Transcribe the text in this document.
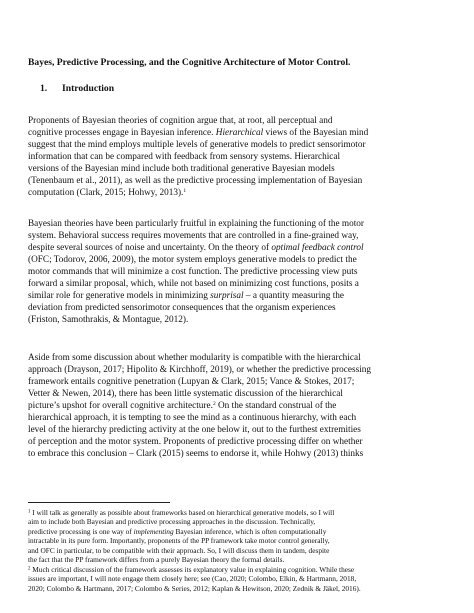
Bayes, Predictive Processing, and the Cognitive Architecture of Motor Control.
1. Introduction
Proponents of Bayesian theories of cognition argue that, at root, all perceptual and
cognitive processes engage in Bayesian inference. Hierarchical views of the Bayesian mind
suggest that the mind employs multiple levels of generative models to predict sensorimotor
information that can be compared with feedback from sensory systems. Hierarchical
versions of the Bayesian mind include both traditional generative Bayesian models
(Tenenbaum et al., 2011), as well as the predictive processing implementation of Bayesian
computation (Clark, 2015; Hohwy, 2013).$^1$
Bayesian theories have been particularly fruitful in explaining the functioning of the motor
system. Behavioral success requires movements that are controlled in a fine-grained way,
despite several sources of noise and uncertainty. On the theory of optimal feedback control
(OFC; Todorov, 2006, 2009), the motor system employs generative models to predict the
motor commands that will minimize a cost function. The predictive processing view puts
forward a similar proposal, which, while not based on minimizing cost functions, posits a
similar role for generative models in minimizing surprisal – a quantity measuring the
deviation from predicted sensorimotor consequences that the organism experiences
(Friston, Samothrakis, & Montague, 2012).
Aside from some discussion about whether modularity is compatible with the hierarchical
approach (Drayson, 2017; Hipolito & Kirchhoff, 2019), or whether the predictive processing
framework entails cognitive penetration (Lupyan & Clark, 2015; Vance & Stokes, 2017;
Vetter & Newen, 2014), there has been little systematic discussion of the hierarchical
picture’s upshot for overall cognitive architecture.$^2$ On the standard construal of the
hierarchical approach, it is tempting to see the mind as a continuous hierarchy, with each
level of the hierarchy predicting activity at the one below it, out to the furthest extremities
of perception and the motor system. Proponents of predictive processing differ on whether
to embrace this conclusion – Clark (2015) seems to endorse it, while Hohwy (2013) thinks
$^1$ I will talk as generally as possible about frameworks based on hierarchical generative models, so I will
aim to include both Bayesian and predictive processing approaches in the discussion. Technically,
predictive processing is one way of implementing Bayesian inference, which is often computationally
intractable in its pure form. Importantly, proponents of the PP framework take motor control generally,
and OFC in particular, to be compatible with their approach. So, I will discuss them in tandem, despite
the fact that the PP framework differs from a purely Bayesian theory the formal details.
$^2$ Much critical discussion of the framework assesses its explanatory value in explaining cognition. While these
issues are important, I will note engage them closely here; see (Cao, 2020; Colombo, Elkin, & Hartmann, 2018,
2020; Colombo & Hartmann, 2017; Colombo & Series, 2012; Kaplan & Hewitson, 2020; Zednik & Jäkel, 2016).
